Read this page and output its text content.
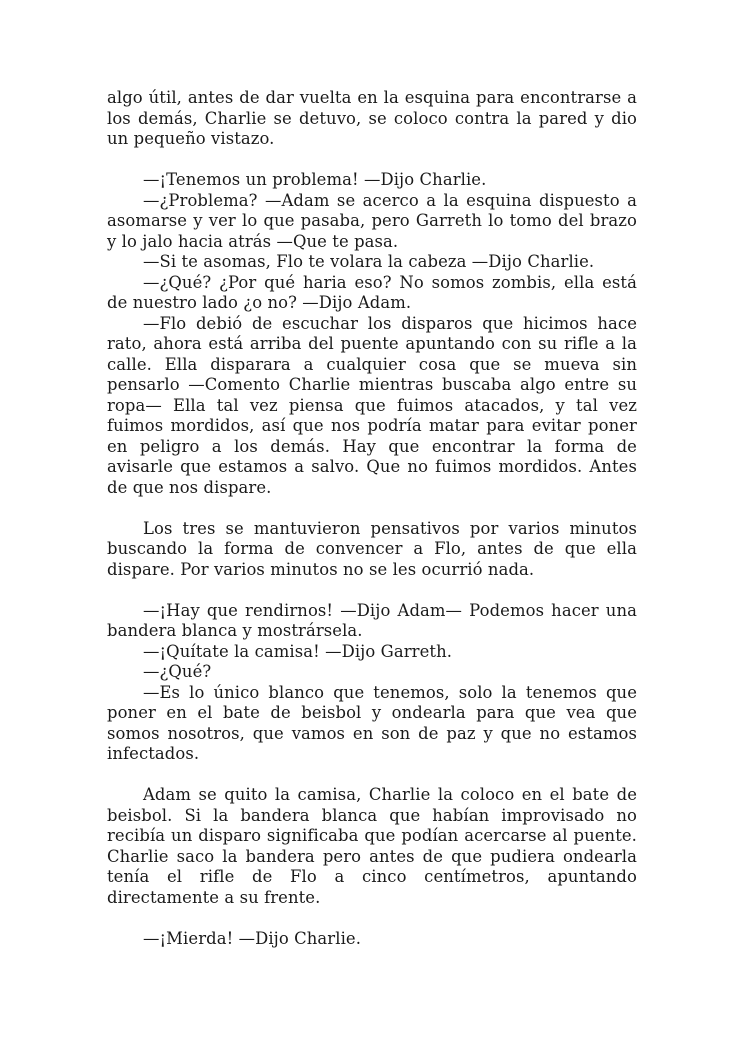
algo útil, antes de dar vuelta en la esquina para encontrarse a los demás, Charlie se detuvo, se coloco contra la pared y dio un pequeño vistazo.

—¡Tenemos un problema! —Dijo Charlie.

—¿Problema? —Adam se acerco a la esquina dispuesto a asomarse y ver lo que pasaba, pero Garreth lo tomo del brazo y lo jalo hacia atrás —Que te pasa.

—Si te asomas, Flo te volara la cabeza —Dijo Charlie.

—¿Qué? ¿Por qué haria eso? No somos zombis, ella está de nuestro lado ¿o no? —Dijo Adam.

—Flo debió de escuchar los disparos que hicimos hace rato, ahora está arriba del puente apuntando con su rifle a la calle. Ella disparara a cualquier cosa que se mueva sin pensarlo —Comento Charlie mientras buscaba algo entre su ropa— Ella tal vez piensa que fuimos atacados, y tal vez fuimos mordidos, así que nos podría matar para evitar poner en peligro a los demás. Hay que encontrar la forma de avisarle que estamos a salvo. Que no fuimos mordidos. Antes de que nos dispare.

Los tres se mantuvieron pensativos por varios minutos buscando la forma de convencer a Flo, antes de que ella dispare. Por varios minutos no se les ocurrió nada.

—¡Hay que rendirnos! —Dijo Adam— Podemos hacer una bandera blanca y mostrársela.

—¡Quítate la camisa! —Dijo Garreth.

—¿Qué?

—Es lo único blanco que tenemos, solo la tenemos que poner en el bate de beisbol y ondearla para que vea que somos nosotros, que vamos en son de paz y que no estamos infectados.

Adam se quito la camisa, Charlie la coloco en el bate de beisbol. Si la bandera blanca que habían improvisado no recibía un disparo significaba que podían acercarse al puente. Charlie saco la bandera pero antes de que pudiera ondearla tenía el rifle de Flo a cinco centímetros, apuntando directamente a su frente.

—¡Mierda! —Dijo Charlie.
